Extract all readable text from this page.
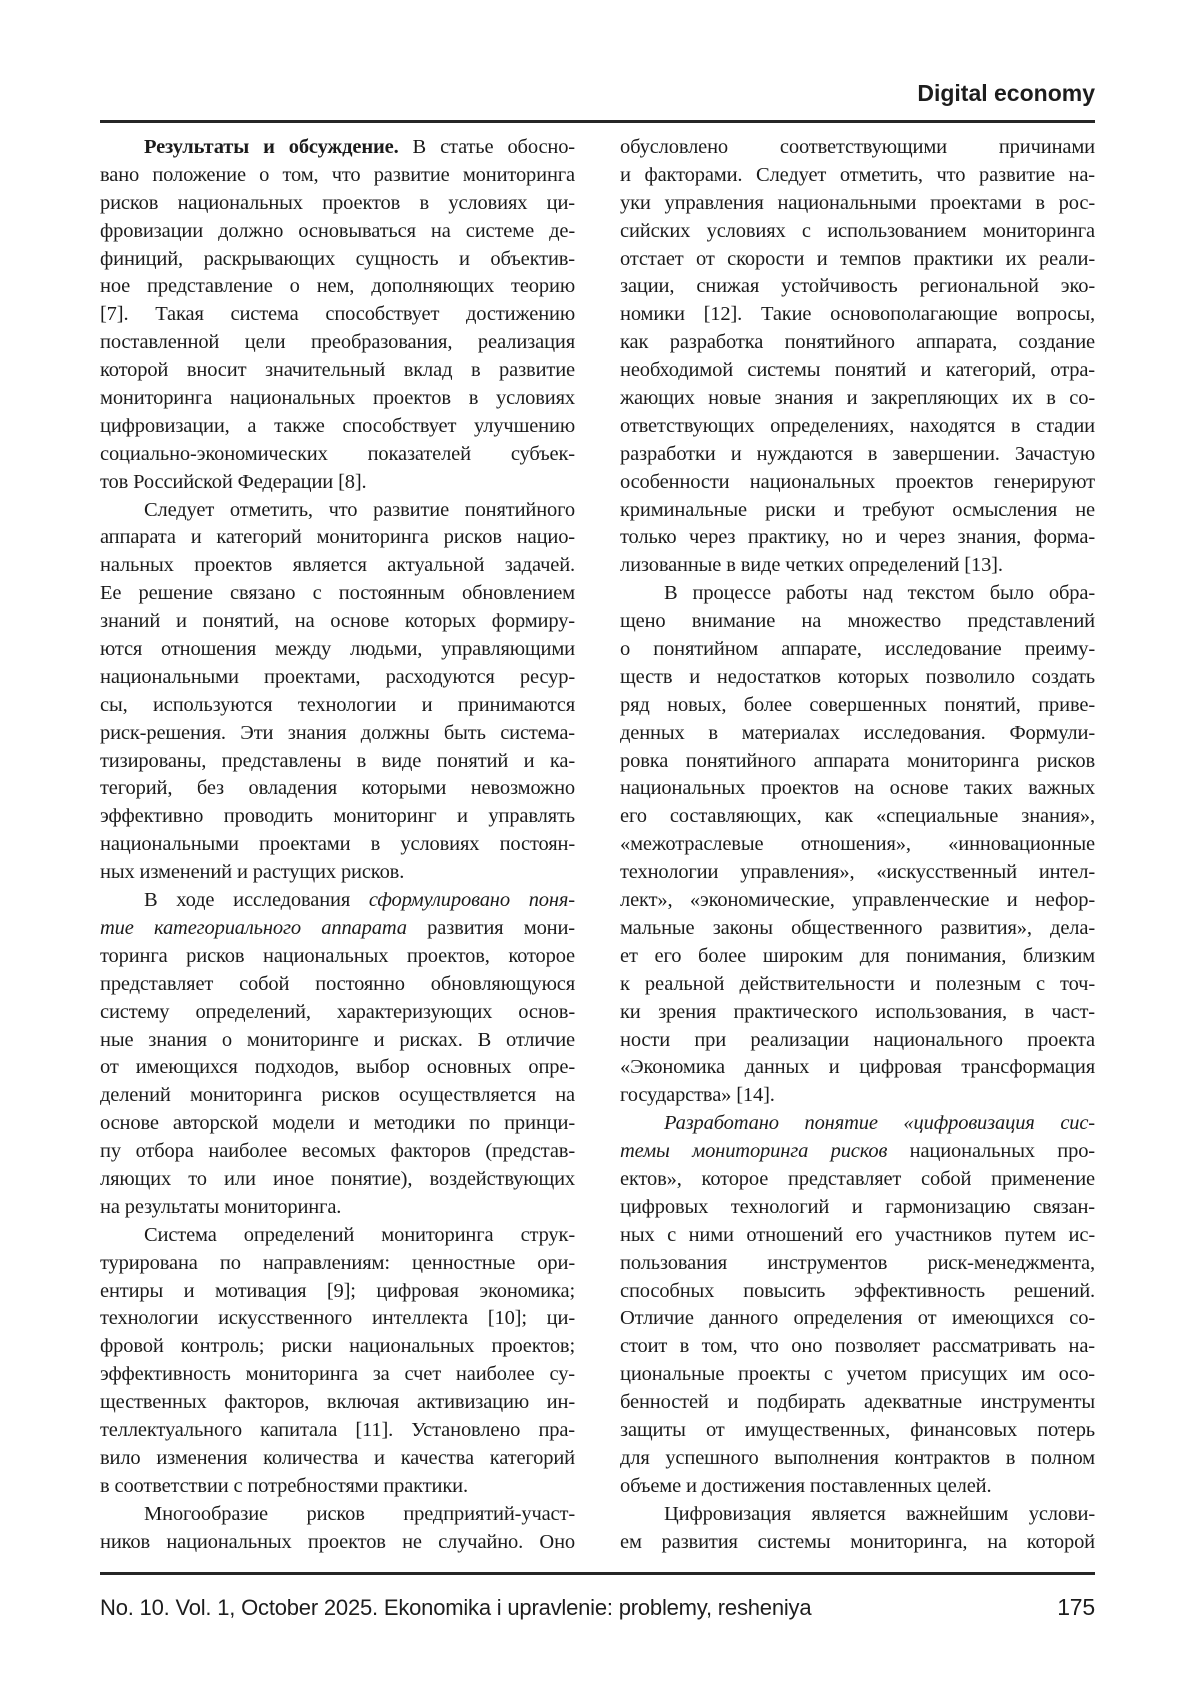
Digital economy
Результаты и обсуждение. В статье обосно-
вано положение о том, что развитие мониторинга
рисков национальных проектов в условиях ци-
фровизации должно основываться на системе де-
финиций, раскрывающих сущность и объектив-
ное представление о нем, дополняющих теорию
[7]. Такая система способствует достижению
поставленной цели преобразования, реализация
которой вносит значительный вклад в развитие
мониторинга национальных проектов в условиях
цифровизации, а также способствует улучшению
социально-экономических показателей субъек-
тов Российской Федерации [8].
Следует отметить, что развитие понятийного
аппарата и категорий мониторинга рисков нацио-
нальных проектов является актуальной задачей.
Ее решение связано с постоянным обновлением
знаний и понятий, на основе которых формиру-
ются отношения между людьми, управляющими
национальными проектами, расходуются ресур-
сы, используются технологии и принимаются
риск-решения. Эти знания должны быть система-
тизированы, представлены в виде понятий и ка-
тегорий, без овладения которыми невозможно
эффективно проводить мониторинг и управлять
национальными проектами в условиях постоян-
ных изменений и растущих рисков.
В ходе исследования сформулировано поня-
тие категориального аппарата развития мони-
торинга рисков национальных проектов, которое
представляет собой постоянно обновляющуюся
систему определений, характеризующих основ-
ные знания о мониторинге и рисках. В отличие
от имеющихся подходов, выбор основных опре-
делений мониторинга рисков осуществляется на
основе авторской модели и методики по принци-
пу отбора наиболее весомых факторов (представ-
ляющих то или иное понятие), воздействующих
на результаты мониторинга.
Система определений мониторинга струк-
турирована по направлениям: ценностные ори-
ентиры и мотивация [9]; цифровая экономика;
технологии искусственного интеллекта [10]; ци-
фровой контроль; риски национальных проектов;
эффективность мониторинга за счет наиболее су-
щественных факторов, включая активизацию ин-
теллектуального капитала [11]. Установлено пра-
вило изменения количества и качества категорий
в соответствии с потребностями практики.
Многообразие рисков предприятий-участ-
ников национальных проектов не случайно. Оно
обусловлено соответствующими причинами
и факторами. Следует отметить, что развитие на-
уки управления национальными проектами в рос-
сийских условиях с использованием мониторинга
отстает от скорости и темпов практики их реали-
зации, снижая устойчивость региональной эко-
номики [12]. Такие основополагающие вопросы,
как разработка понятийного аппарата, создание
необходимой системы понятий и категорий, отра-
жающих новые знания и закрепляющих их в со-
ответствующих определениях, находятся в стадии
разработки и нуждаются в завершении. Зачастую
особенности национальных проектов генерируют
криминальные риски и требуют осмысления не
только через практику, но и через знания, форма-
лизованные в виде четких определений [13].
В процессе работы над текстом было обра-
щено внимание на множество представлений
о понятийном аппарате, исследование преиму-
ществ и недостатков которых позволило создать
ряд новых, более совершенных понятий, приве-
денных в материалах исследования. Формули-
ровка понятийного аппарата мониторинга рисков
национальных проектов на основе таких важных
его составляющих, как «специальные знания»,
«межотраслевые отношения», «инновационные
технологии управления», «искусственный интел-
лект», «экономические, управленческие и нефор-
мальные законы общественного развития», дела-
ет его более широким для понимания, близким
к реальной действительности и полезным с точ-
ки зрения практического использования, в част-
ности при реализации национального проекта
«Экономика данных и цифровая трансформация
государства» [14].
Разработано понятие «цифровизация сис-
темы мониторинга рисков национальных про-
ектов», которое представляет собой применение
цифровых технологий и гармонизацию связан-
ных с ними отношений его участников путем ис-
пользования инструментов риск-менеджмента,
способных повысить эффективность решений.
Отличие данного определения от имеющихся со-
стоит в том, что оно позволяет рассматривать на-
циональные проекты с учетом присущих им осо-
бенностей и подбирать адекватные инструменты
защиты от имущественных, финансовых потерь
для успешного выполнения контрактов в полном
объеме и достижения поставленных целей.
Цифровизация является важнейшим услови-
ем развития системы мониторинга, на которой
No. 10. Vol. 1, October 2025. Ekonomika i upravlenie: problemy, resheniya	175
